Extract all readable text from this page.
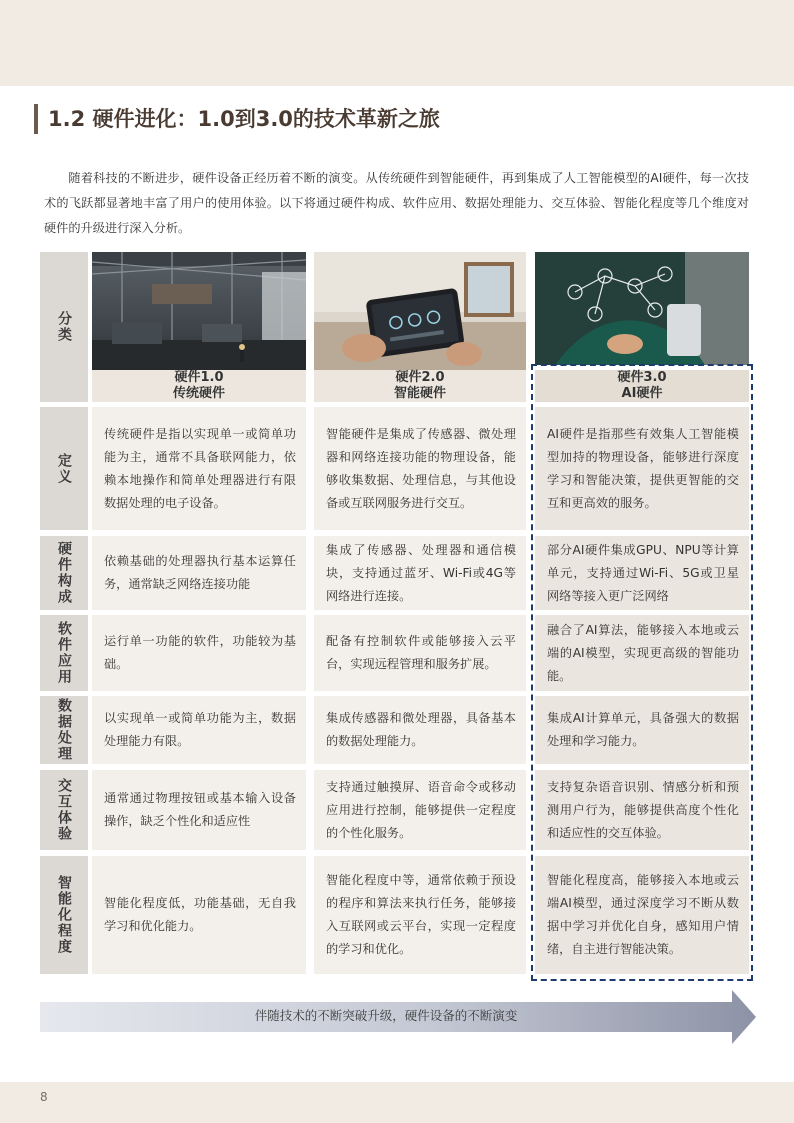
1.2 硬件进化：1.0到3.0的技术革新之旅
随着科技的不断进步，硬件设备正经历着不断的演变。从传统硬件到智能硬件，再到集成了人工智能模型的AI硬件，每一次技术的飞跃都显著地丰富了用户的使用体验。以下将通过硬件构成、软件应用、数据处理能力、交互体验、智能化程度等几个维度对硬件的升级进行深入分析。
分类
硬件1.0
传统硬件
硬件2.0
智能硬件
硬件3.0
AI硬件
定义
传统硬件是指以实现单一或简单功能为主，通常不具备联网能力，依赖本地操作和简单处理器进行有限数据处理的电子设备。
智能硬件是集成了传感器、微处理器和网络连接功能的物理设备，能够收集数据、处理信息，与其他设备或互联网服务进行交互。
AI硬件是指那些有效集人工智能模型加持的物理设备，能够进行深度学习和智能决策，提供更智能的交互和更高效的服务。
硬件构成	依赖基础的处理器执行基本运算任务，通常缺乏网络连接功能
集成了传感器、处理器和通信模块，支持通过蓝牙、Wi-Fi或4G等网络进行连接。
部分AI硬件集成GPU、NPU等计算单元，支持通过Wi-Fi、5G或卫星网络等接入更广泛网络
软件应用	运行单一功能的软件，功能较为基础。
配备有控制软件或能够接入云平台，实现远程管理和服务扩展。
融合了AI算法，能够接入本地或云端的AI模型，实现更高级的智能功能。
数据处理	以实现单一或简单功能为主，数据处理能力有限。
集成传感器和微处理器，具备基本的数据处理能力。
集成AI计算单元，具备强大的数据处理和学习能力。
交互体验	通常通过物理按钮或基本输入设备操作，缺乏个性化和适应性
支持通过触摸屏、语音命令或移动应用进行控制，能够提供一定程度的个性化服务。
支持复杂语音识别、情感分析和预测用户行为，能够提供高度个性化和适应性的交互体验。
智能化程度	智能化程度低，功能基础，无自我学习和优化能力。
智能化程度中等，通常依赖于预设的程序和算法来执行任务，能够接入互联网或云平台，实现一定程度的学习和优化。
智能化程度高，能够接入本地或云端AI模型，通过深度学习不断从数据中学习并优化自身，感知用户情绪，自主进行智能决策。
伴随技术的不断突破升级，硬件设备的不断演变
8
